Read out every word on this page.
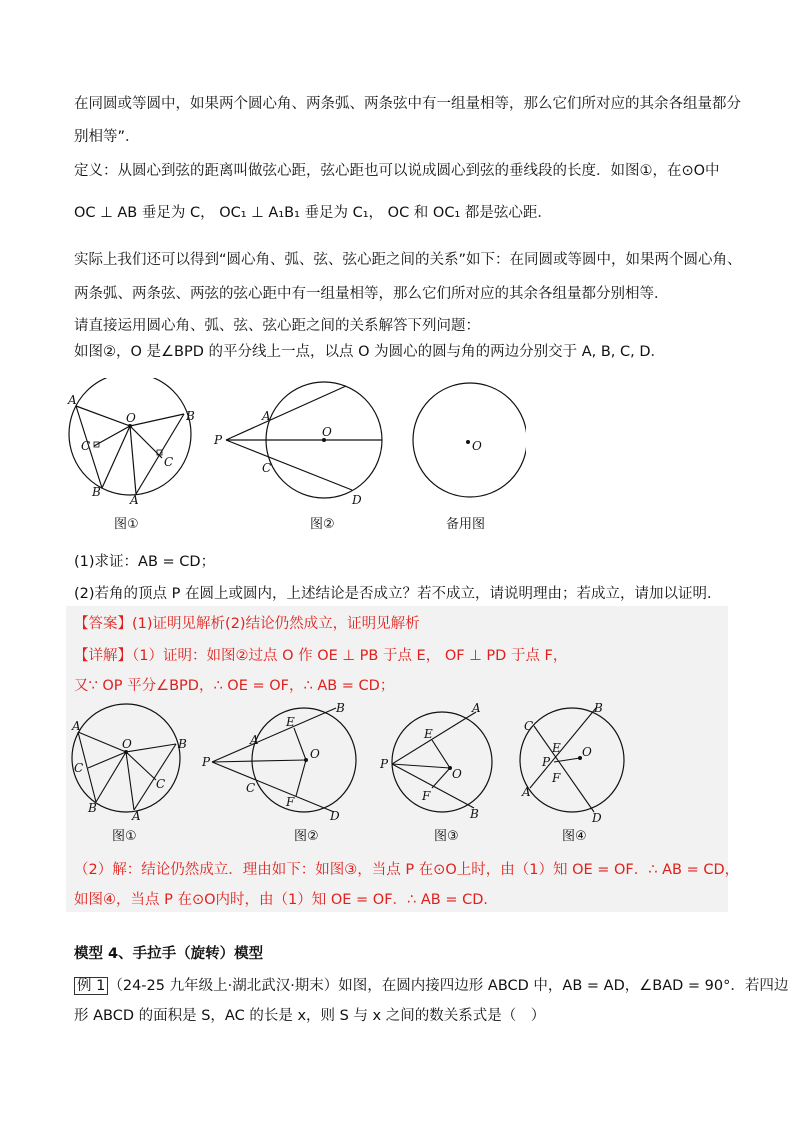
在同圆或等圆中，如果两个圆心角、两条弧、两条弦中有一组量相等，那么它们所对应的其余各组量都分
别相等”．
定义：从圆心到弦的距离叫做弦心距，弦心距也可以说成圆心到弦的垂线段的长度．如图①，在⊙O中
OC ⊥ AB 垂足为 C， OC₁ ⊥ A₁B₁ 垂足为 C₁， OC 和 OC₁ 都是弦心距．
实际上我们还可以得到“圆心角、弧、弦、弦心距之间的关系”如下：在同圆或等圆中，如果两个圆心角、
两条弧、两条弦、两弦的弦心距中有一组量相等，那么它们所对应的其余各组量都分别相等．
请直接运用圆心角、弧、弦、弦心距之间的关系解答下列问题：
如图②，O 是∠BPD 的平分线上一点，以点 O 为圆心的圆与角的两边分别交于 A, B, C, D．
A
O	B
C
C
B
A
图①
P
A
O
C
D
图②
O
备用图
(1)求证：AB = CD；
(2)若角的顶点 P 在圆上或圆内，上述结论是否成立？若不成立，请说明理由；若成立，请加以证明．
【答案】(1)证明见解析(2)结论仍然成立，证明见解析
【详解】（1）证明：如图②过点 O 作 OE ⊥ PB 于点 E， OF ⊥ PD 于点 F，
又∵ OP 平分∠BPD，∴ OE = OF，∴ AB = CD；
A
O	B
C
C
B
A
图①
P
A
E
B
O
C
F
D
图②
P
E
A
O
F
B
图③
C
B
E O
P
F
A
D
图④
（2）解：结论仍然成立．理由如下：如图③，当点 P 在⊙O上时，由（1）知 OE = OF．∴ AB = CD，
如图④，当点 P 在⊙O内时，由（1）知 OE = OF．∴ AB = CD．
模型 4、手拉手（旋转）模型
例 1 （24-25 九年级上·湖北武汉·期末）如图，在圆内接四边形 ABCD 中，AB = AD，∠BAD = 90°．若四边
形 ABCD 的面积是 S，AC 的长是 x，则 S 与 x 之间的数关系式是（　）
